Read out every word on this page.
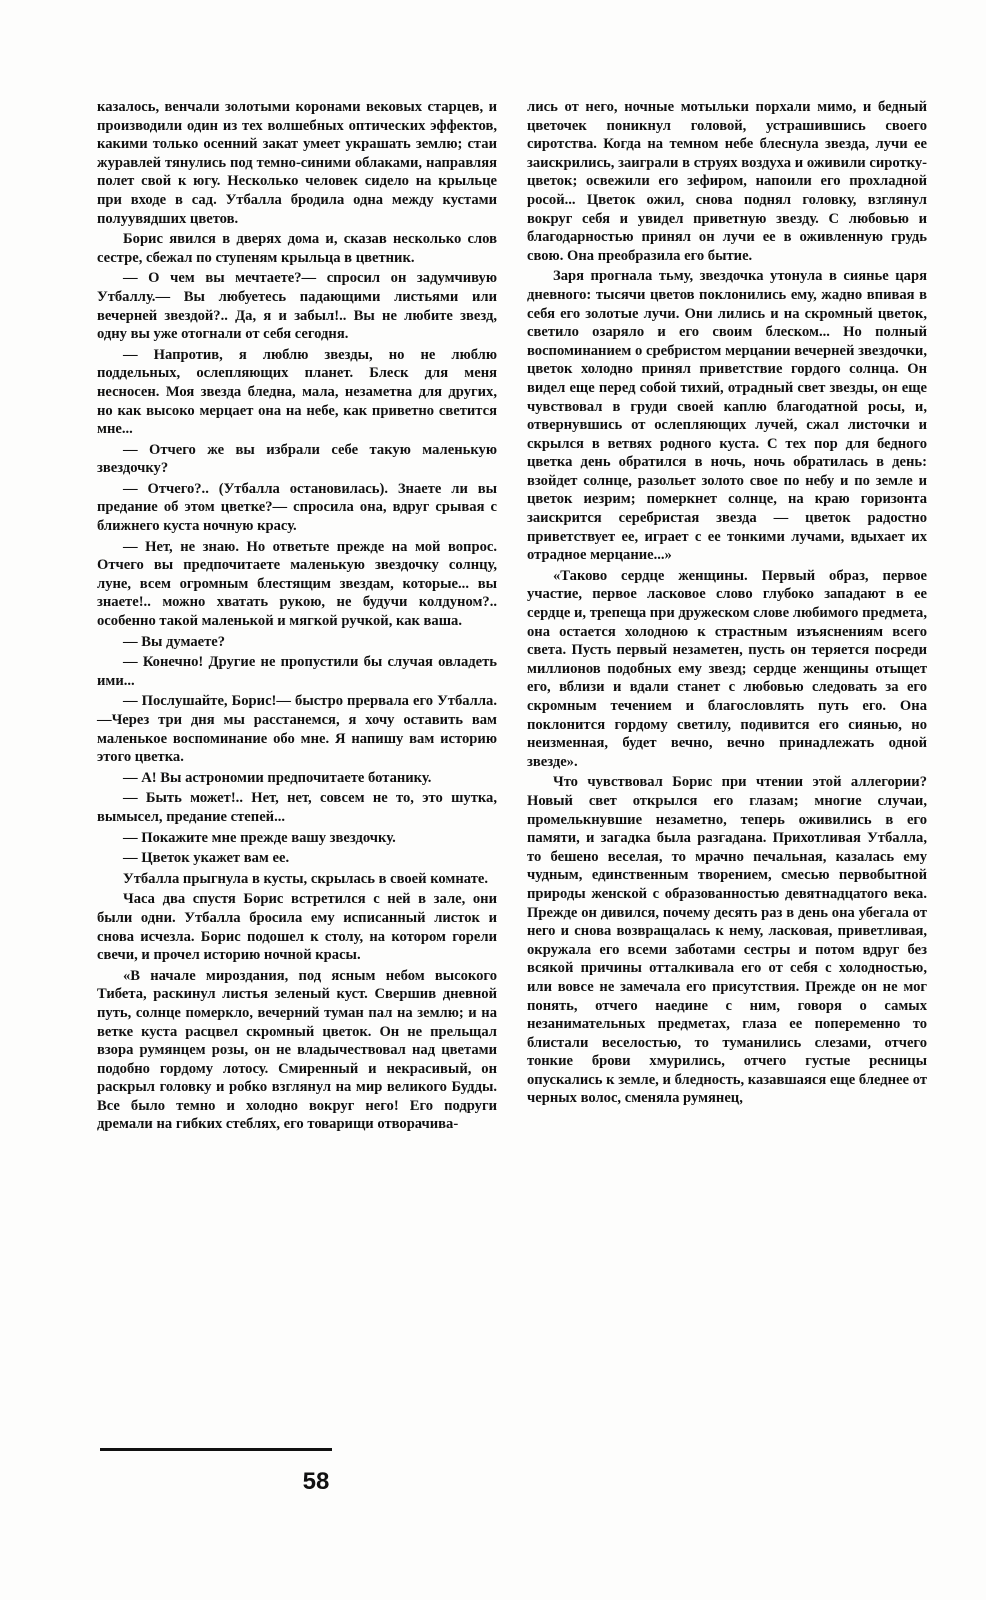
казалось, венчали золотыми коронами вековых старцев, и производили один из тех волшебных оптических эффектов, какими только осенний закат умеет украшать землю; стаи журавлей тянулись под темно-синими облаками, направляя полет свой к югу. Несколько человек сидело на крыльце при входе в сад. Утбалла бродила одна между кустами полуувядших цветов.

Борис явился в дверях дома и, сказав несколько слов сестре, сбежал по ступеням крыльца в цветник.

— О чем вы мечтаете?— спросил он задумчивую Утбаллу.— Вы любуетесь падающими листьями или вечерней звездой?.. Да, я и забыл!.. Вы не любите звезд, одну вы уже отогнали от себя сегодня.

— Напротив, я люблю звезды, но не люблю поддельных, ослепляющих планет. Блеск для меня несносен. Моя звезда бледна, мала, незаметна для других, но как высоко мерцает она на небе, как приветно светится мне...

— Отчего же вы избрали себе такую маленькую звездочку?

— Отчего?.. (Утбалла остановилась). Знаете ли вы предание об этом цветке?— спросила она, вдруг срывая с ближнего куста ночную красу.

— Нет, не знаю. Но ответьте прежде на мой вопрос. Отчего вы предпочитаете маленькую звездочку солнцу, луне, всем огромным блестящим звездам, которые... вы знаете!.. можно хватать рукою, не будучи колдуном?.. особенно такой маленькой и мягкой ручкой, как ваша.

— Вы думаете?

— Конечно! Другие не пропустили бы случая овладеть ими...

— Послушайте, Борис!— быстро прервала его Утбалла.—Через три дня мы расстанемся, я хочу оставить вам маленькое воспоминание обо мне. Я напишу вам историю этого цветка.

— А! Вы астрономии предпочитаете ботанику.

— Быть может!.. Нет, нет, совсем не то, это шутка, вымысел, предание степей...

— Покажите мне прежде вашу звездочку.

— Цветок укажет вам ее.

Утбалла прыгнула в кусты, скрылась в своей комнате.

Часа два спустя Борис встретился с ней в зале, они были одни. Утбалла бросила ему исписанный листок и снова исчезла. Борис подошел к столу, на котором горели свечи, и прочел историю ночной красы.

«В начале мироздания, под ясным небом высокого Тибета, раскинул листья зеленый куст. Свершив дневной путь, солнце померкло, вечерний туман пал на землю; и на ветке куста расцвел скромный цветок. Он не прельщал взора румянцем розы, он не владычествовал над цветами подобно гордому лотосу. Смиренный и некрасивый, он раскрыл головку и робко взглянул на мир великого Будды. Все было темно и холодно вокруг него! Его подруги дремали на гибких стеблях, его товарищи отворачива-

лись от него, ночные мотыльки порхали мимо, и бедный цветочек поникнул головой, устрашившись своего сиротства. Когда на темном небе блеснула звезда, лучи ее заискрились, заиграли в струях воздуха и оживили сиротку-цветок; освежили его зефиром, напоили его прохладной росой... Цветок ожил, снова поднял головку, взглянул вокруг себя и увидел приветную звезду. С любовью и благодарностью принял он лучи ее в оживленную грудь свою. Она преобразила его бытие.

Заря прогнала тьму, звездочка утонула в сиянье царя дневного: тысячи цветов поклонились ему, жадно впивая в себя его золотые лучи. Они лились и на скромный цветок, светило озаряло и его своим блеском... Но полный воспоминанием о сребристом мерцании вечерней звездочки, цветок холодно принял приветствие гордого солнца. Он видел еще перед собой тихий, отрадный свет звезды, он еще чувствовал в груди своей каплю благодатной росы, и, отвернувшись от ослепляющих лучей, сжал листочки и скрылся в ветвях родного куста. С тех пор для бедного цветка день обратился в ночь, ночь обратилась в день: взойдет солнце, разольет золото свое по небу и по земле и цветок иезрим; померкнет солнце, на краю горизонта заискрится серебристая звезда — цветок радостно приветствует ее, играет с ее тонкими лучами, вдыхает их отрадное мерцание...»

«Таково сердце женщины. Первый образ, первое участие, первое ласковое слово глубоко западают в ее сердце и, трепеща при дружеском слове любимого предмета, она остается холодною к страстным изъяснениям всего света. Пусть первый незаметен, пусть он теряется посреди миллионов подобных ему звезд; сердце женщины отыщет его, вблизи и вдали станет с любовью следовать за его скромным течением и благословлять путь его. Она поклонится гордому светилу, подивится его сиянью, но неизменная, будет вечно, вечно принадлежать одной звезде».

Что чувствовал Борис при чтении этой аллегории? Новый свет открылся его глазам; многие случаи, промелькнувшие незаметно, теперь оживились в его памяти, и загадка была разгадана. Прихотливая Утбалла, то бешено веселая, то мрачно печальная, казалась ему чудным, единственным творением, смесью первобытной природы женской с образованностью девятнадцатого века. Прежде он дивился, почему десять раз в день она убегала от него и снова возвращалась к нему, ласковая, приветливая, окружала его всеми заботами сестры и потом вдруг без всякой причины отталкивала его от себя с холодностью, или вовсе не замечала его присутствия. Прежде он не мог понять, отчего наедине с ним, говоря о самых незанимательных предметах, глаза ее попеременно то блистали веселостью, то туманились слезами, отчего тонкие брови хмурились, отчего густые ресницы опускались к земле, и бледность, казавшаяся еще бледнее от черных волос, сменяла румянец,

58
